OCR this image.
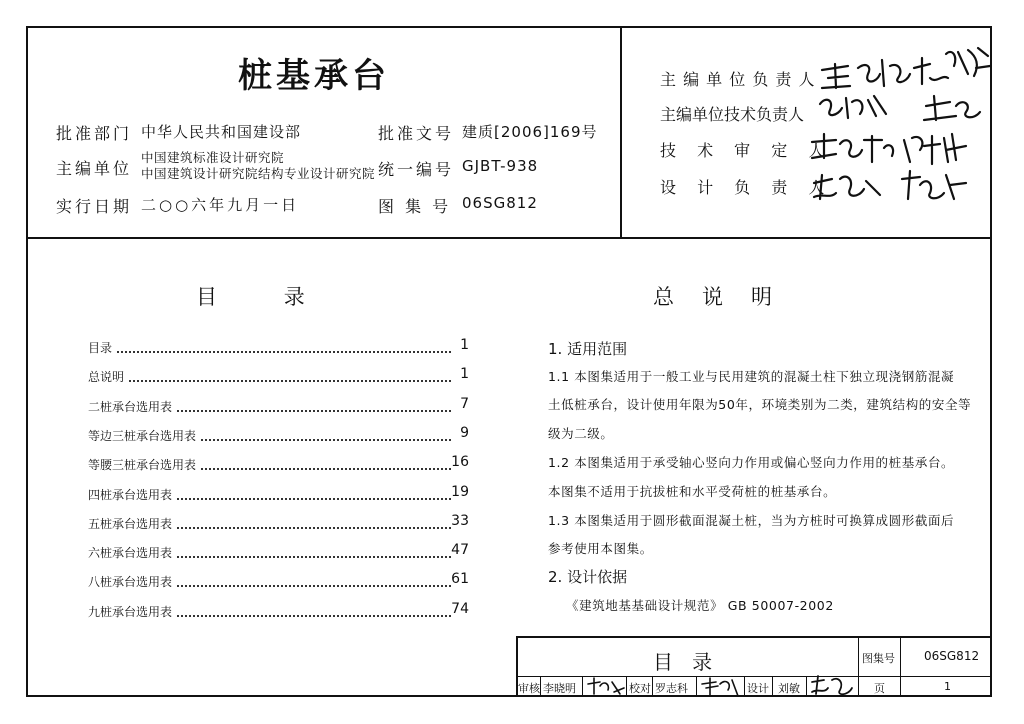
桩基承台
批准部门 中华人民共和国建设部
主编单位
中国建筑标准设计研究院
中国建筑设计研究院结构专业设计研究院
实行日期 二○○六年九月一日
批准文号 建质[2006]169号
统一编号 GJBT-938
图 集 号 06SG812
主 编 单 位 负 责 人
主编单位技术负责人
技 术 审 定 人
设 计 负 责 人
目          录
目录	1
总说明	1
二桩承台选用表	7
等边三桩承台选用表	9
等腰三桩承台选用表	16
四桩承台选用表	19
五桩承台选用表	33
六桩承台选用表	47
八桩承台选用表	61
九桩承台选用表	74
总   说   明
1. 适用范围
1.1 本图集适用于一般工业与民用建筑的混凝土柱下独立现浇钢筋混凝
土低桩承台，设计使用年限为50年，环境类别为二类，建筑结构的安全等
级为二级。
1.2 本图集适用于承受轴心竖向力作用或偏心竖向力作用的桩基承台。
本图集不适用于抗拔桩和水平受荷桩的桩基承台。
1.3 本图集适用于圆形截面混凝土桩，当为方桩时可换算成圆形截面后
参考使用本图集。
2. 设计依据
《建筑地基基础设计规范》 GB 50007-2002
目   录	图集号 06SG812
审核 李晓明	校对 罗志科	设计 刘敏	页	1
